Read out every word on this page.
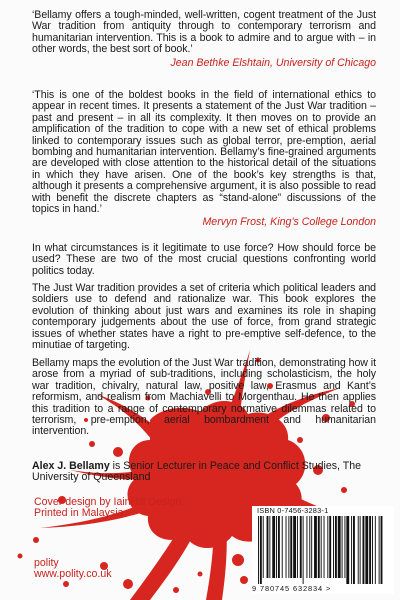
‘Bellamy offers a tough-minded, well-written, cogent treatment of the Just War tradition from antiquity through to contemporary terrorism and humanitarian intervention. This is a book to admire and to argue with – in other words, the best sort of book.’

Jean Bethke Elshtain, University of Chicago

‘This is one of the boldest books in the field of international ethics to appear in recent times. It presents a statement of the Just War tradition – past and present – in all its complexity. It then moves on to provide an amplification of the tradition to cope with a new set of ethical problems linked to contemporary issues such as global terror, pre-emption, aerial bombing and humanitarian intervention. Bellamy’s fine-grained arguments are developed with close attention to the historical detail of the situations in which they have arisen. One of the book’s key strengths is that, although it presents a comprehensive argument, it is also possible to read with benefit the discrete chapters as “stand-alone” discussions of the topics in hand.’

Mervyn Frost, King’s College London

In what circumstances is it legitimate to use force? How should force be used? These are two of the most crucial questions confronting world politics today.

The Just War tradition provides a set of criteria which political leaders and soldiers use to defend and rationalize war. This book explores the evolution of thinking about just wars and examines its role in shaping contemporary judgements about the use of force, from grand strategic issues of whether states have a right to pre-emptive self-defence, to the minutiae of targeting.

Bellamy maps the evolution of the Just War tradition, demonstrating how it arose from a myriad of sub-traditions, including scholasticism, the holy war tradition, chivalry, natural law, positive law, Erasmus and Kant’s reformism, and realism from Machiavelli to Morgenthau. He then applies this tradition to a range of contemporary normative dilemmas related to terrorism, pre-emption, aerial bombardment and humanitarian intervention.

Alex J. Bellamy is Senior Lecturer in Peace and Conflict Studies, The University of Queensland

Cover design by IainHill Design
Printed in Malaysia
polity
www.polity.co.uk
ISBN 0-7456-3283-1
9 780745 632834 >
